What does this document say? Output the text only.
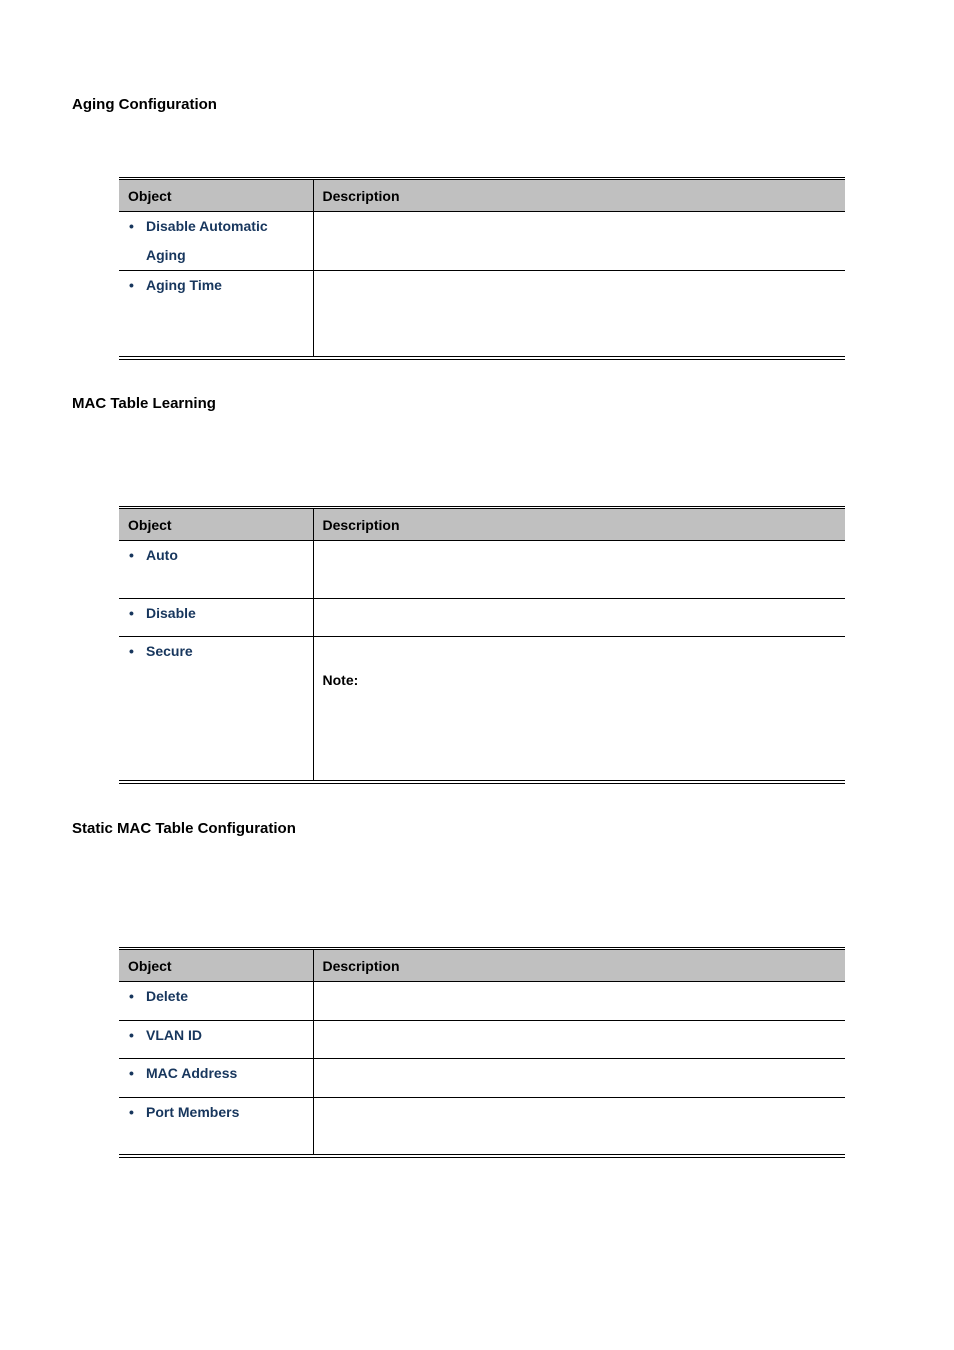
Aging Configuration
Object	Description

• Disable Automatic Aging	

• Aging Time	

MAC Table Learning
Object	Description

• Auto	

• Disable	

• Secure	Note:
Static MAC Table Configuration
Object	Description

• Delete	

• VLAN ID	

• MAC Address	

• Port Members	
